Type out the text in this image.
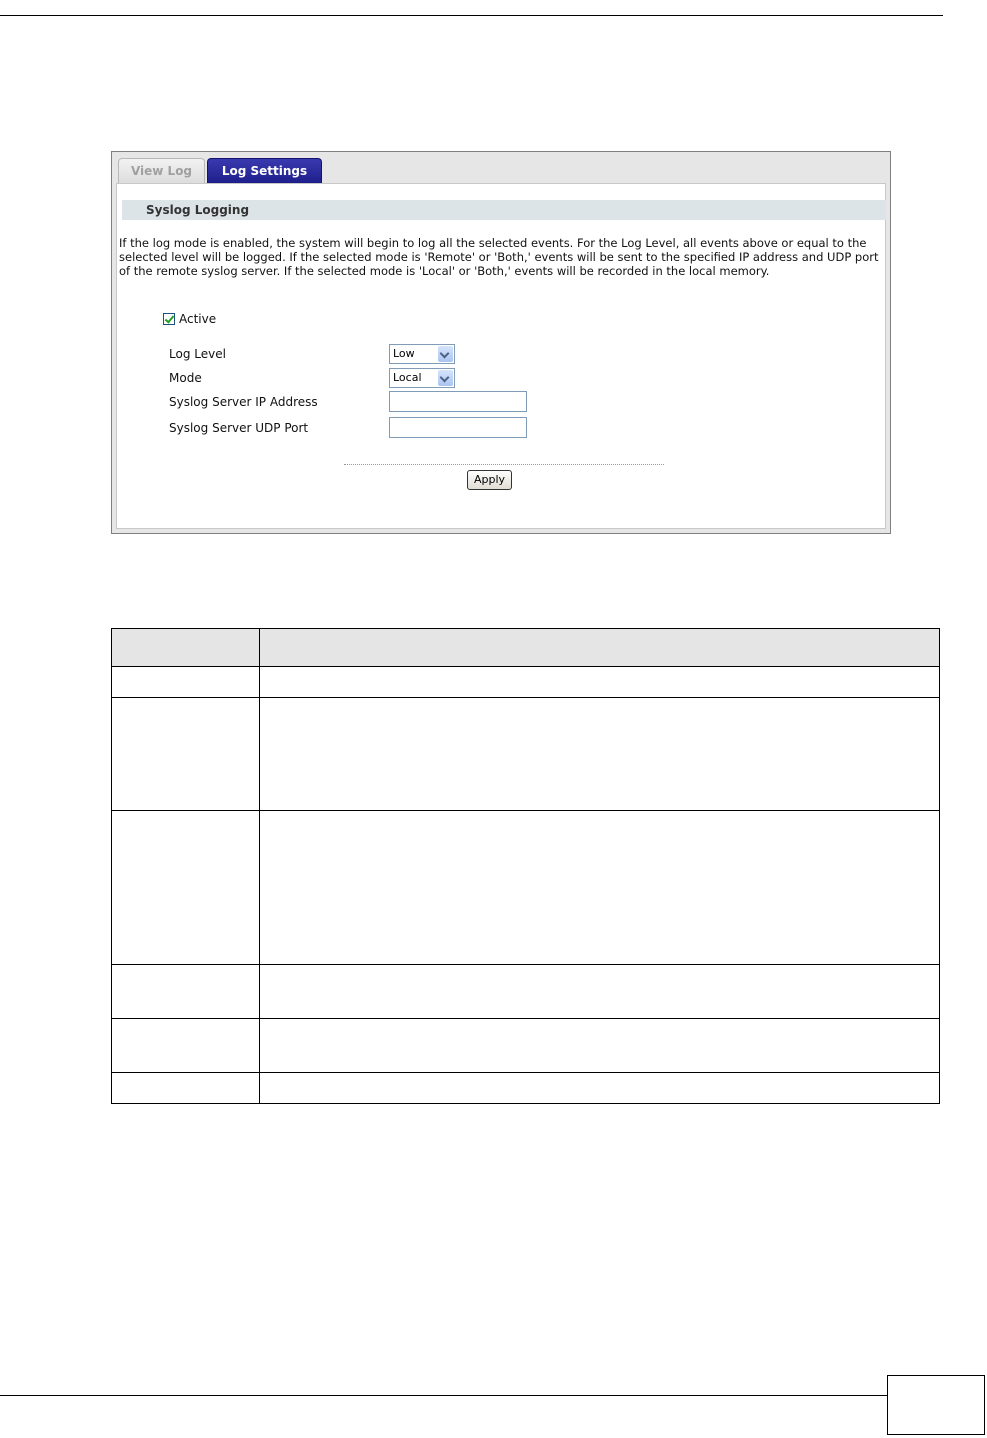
View Log	Log Settings
Syslog Logging

If the log mode is enabled, the system will begin to log all the selected events. For the Log Level, all events above or equal to the selected level will be logged. If the selected mode is 'Remote' or 'Both,' events will be sent to the specified IP address and UDP port of the remote syslog server. If the selected mode is 'Local' or 'Both,' events will be recorded in the local memory.

Active
Log Level	Low
Mode	Local
Syslog Server IP Address
Syslog Server UDP Port
Apply
